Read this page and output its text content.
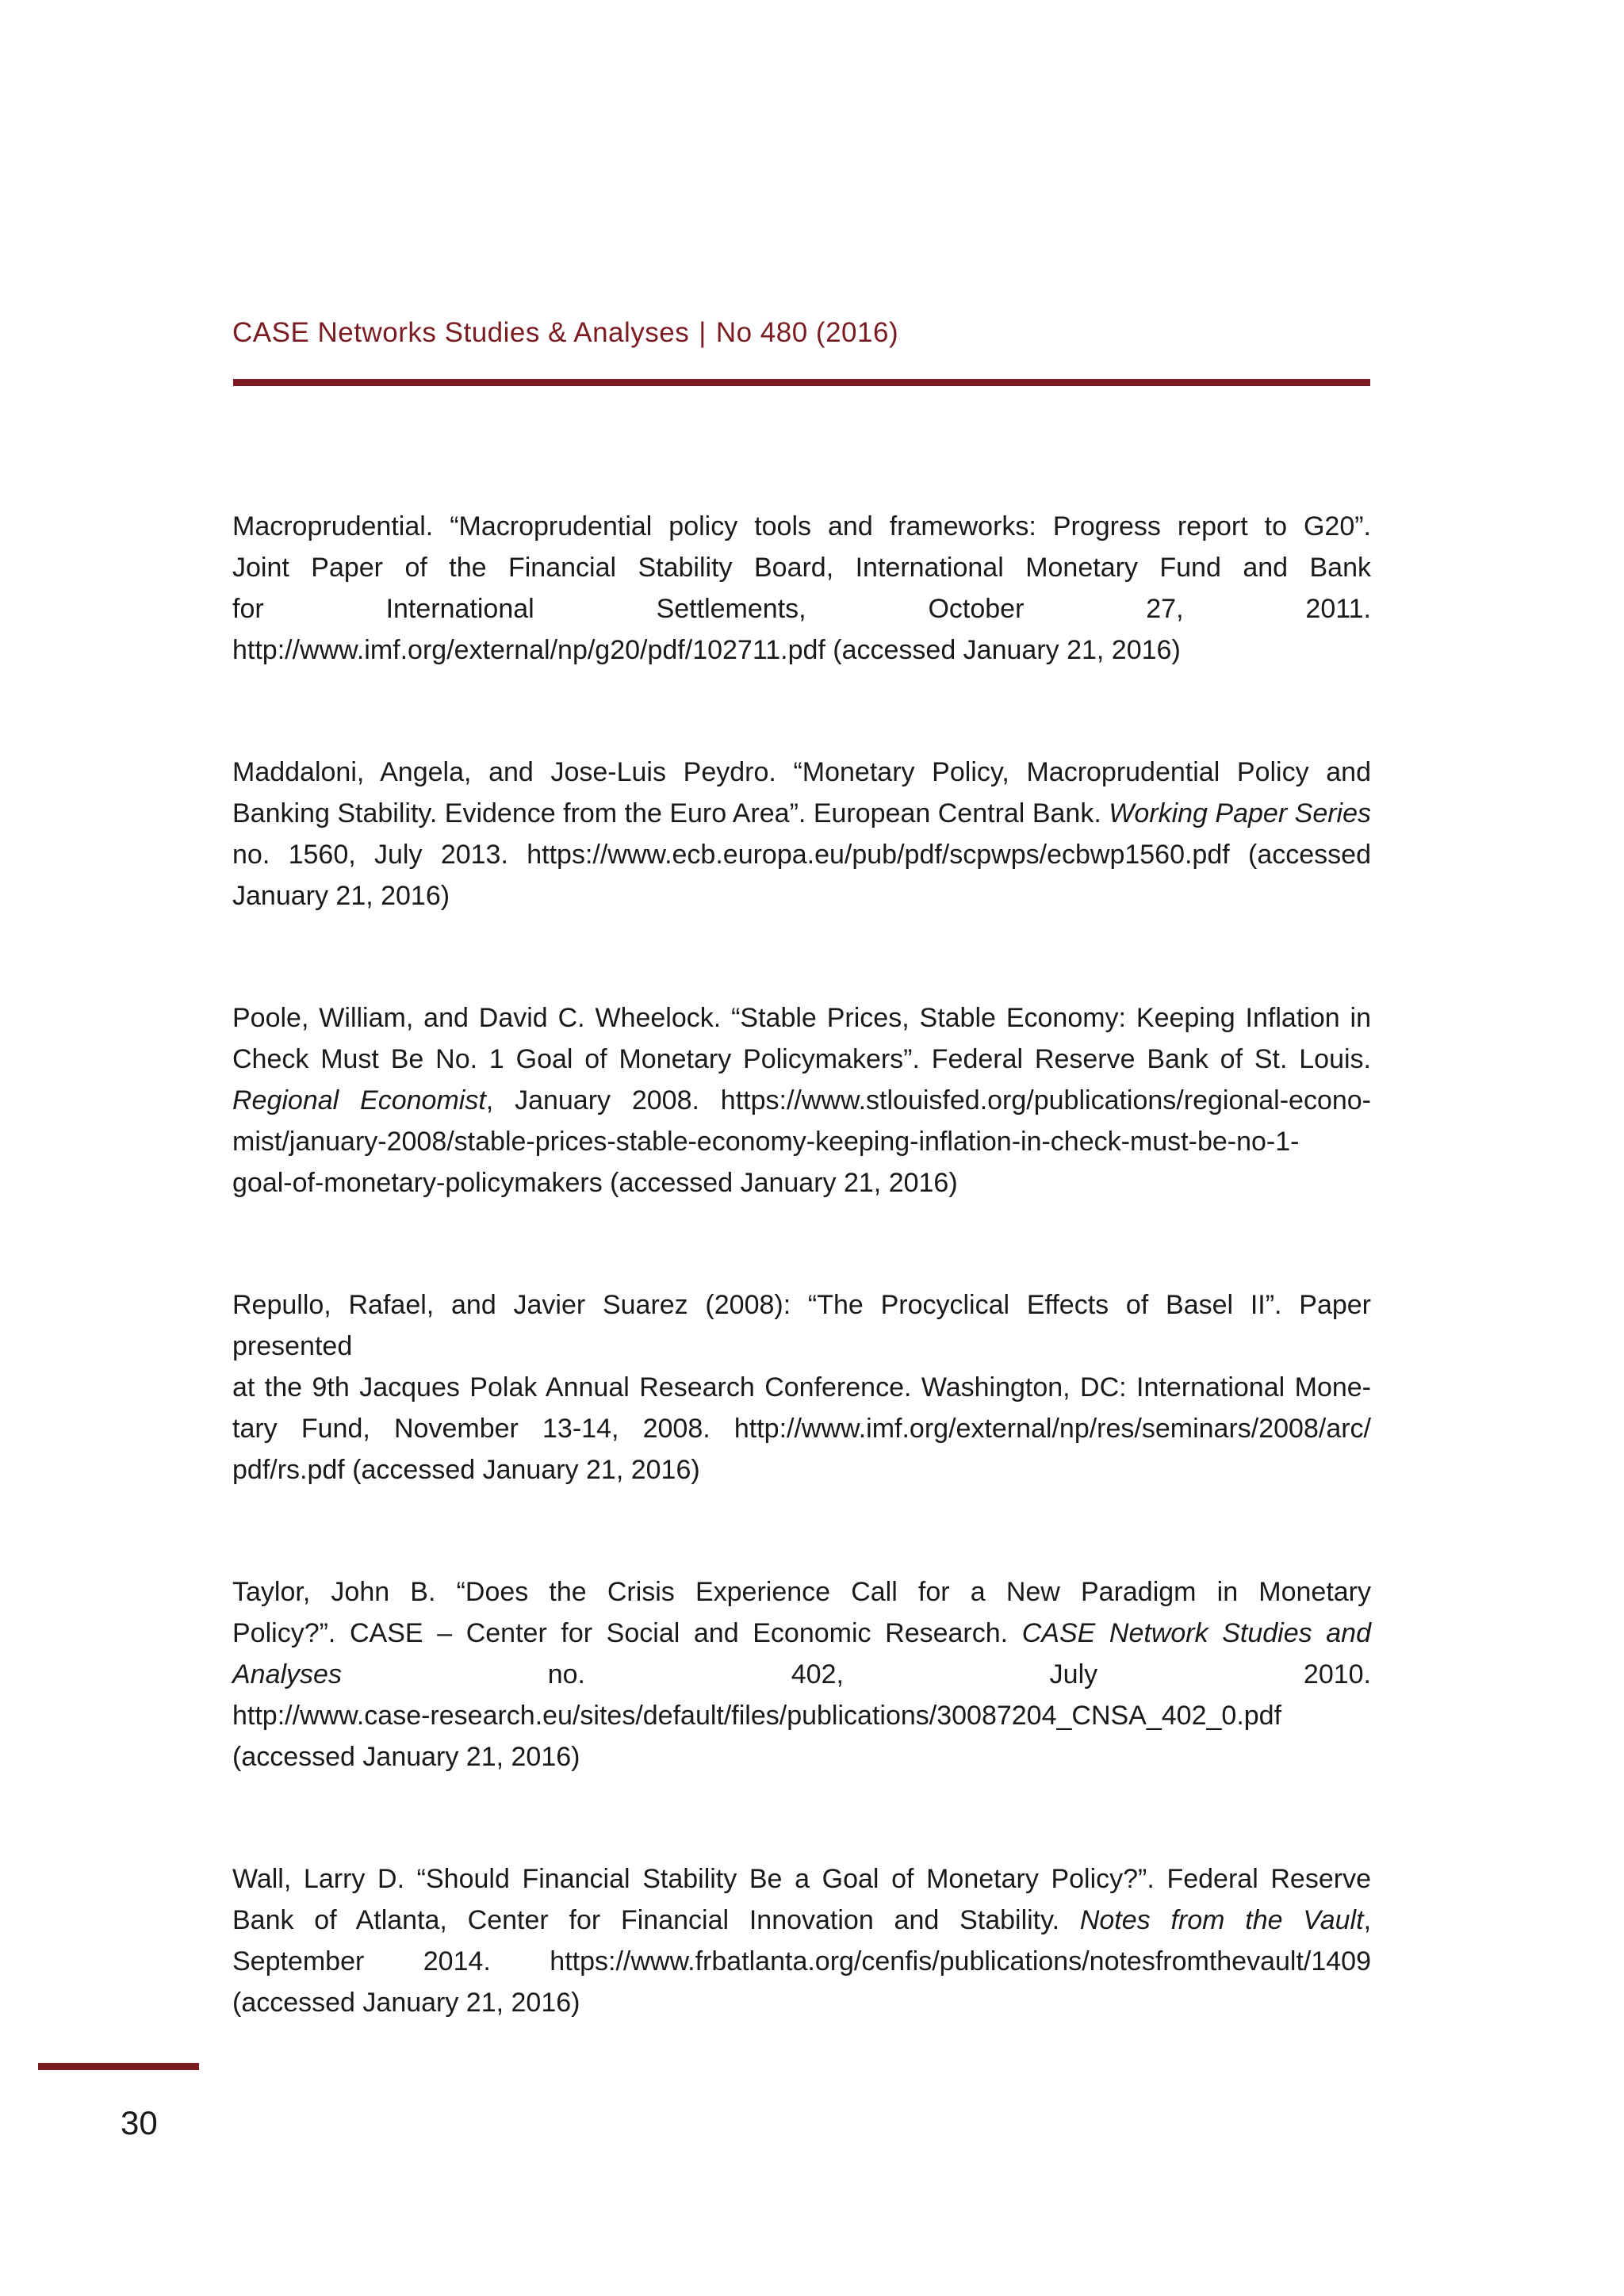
CASE Networks Studies & Analyses | No 480 (2016)
Macroprudential. “Macroprudential policy tools and frameworks: Progress report to G20”.
Joint Paper of the Financial Stability Board, International Monetary Fund and Bank
for International Settlements, October 27, 2011.
http://www.imf.org/external/np/g20/pdf/102711.pdf (accessed January 21, 2016)
Maddaloni, Angela, and Jose-Luis Peydro. “Monetary Policy, Macroprudential Policy and
Banking Stability. Evidence from the Euro Area”. European Central Bank. Working Paper Series
no. 1560, July 2013. https://www.ecb.europa.eu/pub/pdf/scpwps/ecbwp1560.pdf (accessed
January 21, 2016)
Poole, William, and David C. Wheelock. “Stable Prices, Stable Economy: Keeping Inflation in
Check Must Be No. 1 Goal of Monetary Policymakers”. Federal Reserve Bank of St. Louis.
Regional Economist, January 2008. https://www.stlouisfed.org/publications/regional-econo-
mist/january-2008/stable-prices-stable-economy-keeping-inflation-in-check-must-be-no-1-
goal-of-monetary-policymakers (accessed January 21, 2016)
Repullo, Rafael, and Javier Suarez (2008): “The Procyclical Effects of Basel II”. Paper presented
at the 9th Jacques Polak Annual Research Conference. Washington, DC: International Mone-
tary Fund, November 13-14, 2008. http://www.imf.org/external/np/res/seminars/2008/arc/
pdf/rs.pdf (accessed January 21, 2016)
Taylor, John B. “Does the Crisis Experience Call for a New Paradigm in Monetary
Policy?”. CASE – Center for Social and Economic Research. CASE Network Studies and
Analyses no. 402, July 2010.
http://www.case-research.eu/sites/default/files/publications/30087204_CNSA_402_0.pdf
(accessed January 21, 2016)
Wall, Larry D. “Should Financial Stability Be a Goal of Monetary Policy?”. Federal Reserve
Bank of Atlanta, Center for Financial Innovation and Stability. Notes from the Vault,
September 2014. https://www.frbatlanta.org/cenfis/publications/notesfromthevault/1409
(accessed January 21, 2016)
30
